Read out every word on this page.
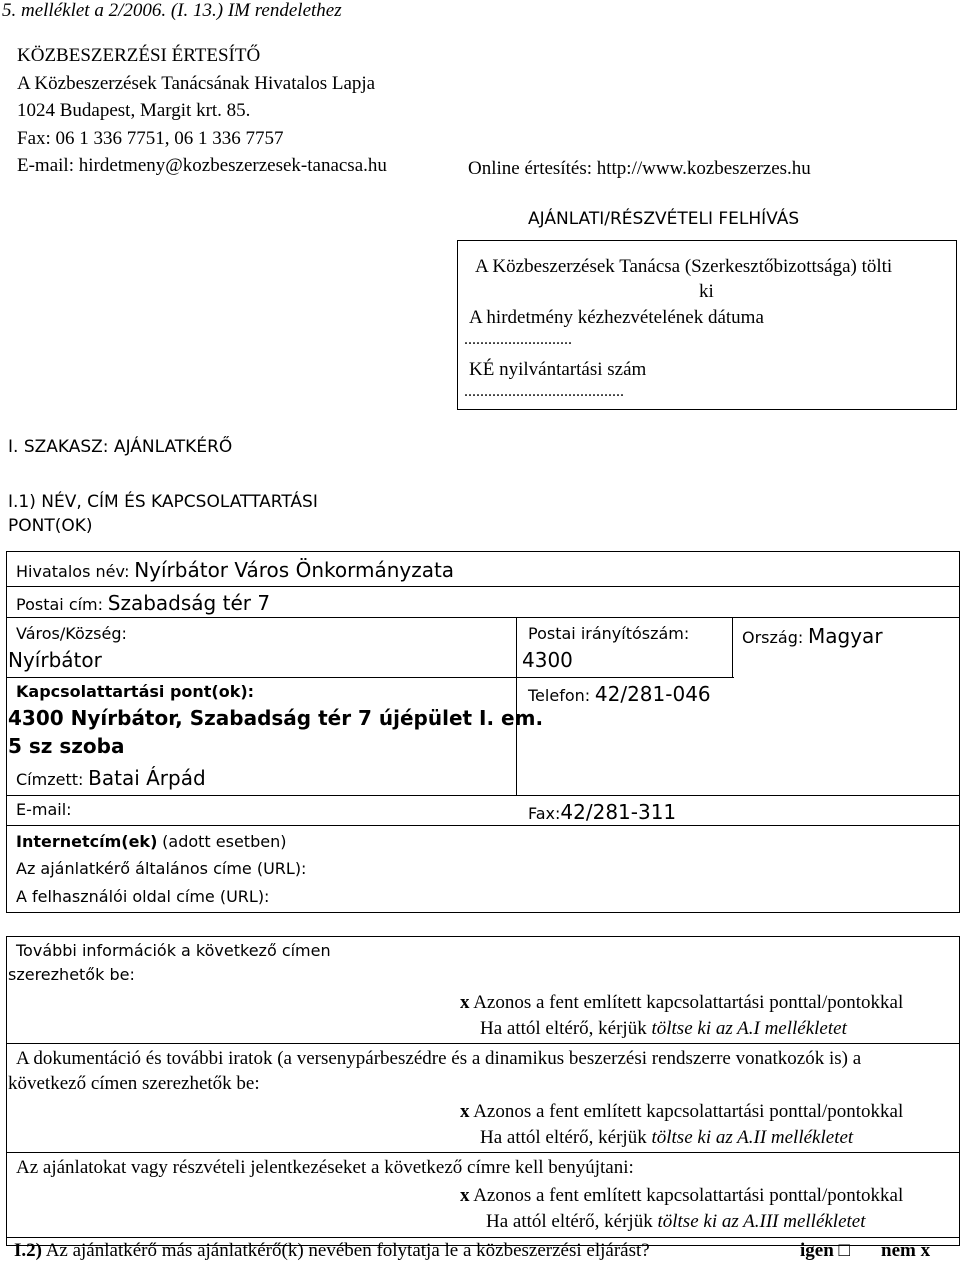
5. melléklet a 2/2006. (I. 13.) IM rendelethez
KÖZBESZERZÉSI ÉRTESÍTŐ
A Közbeszerzések Tanácsának Hivatalos Lapja
1024 Budapest, Margit krt. 85.
Fax: 06 1 336 7751, 06 1 336 7757
E-mail: hirdetmeny@kozbeszerzesek-tanacsa.hu	Online értesítés: http://www.kozbeszerzes.hu
AJÁNLATI/RÉSZVÉTELI FELHÍVÁS
A Közbeszerzések Tanácsa (Szerkesztőbizottsága) tölti
ki
A hirdetmény kézhezvételének dátuma
...........................
KÉ nyilvántartási szám
........................................
I. SZAKASZ: AJÁNLATKÉRŐ
I.1) NÉV, CÍM ÉS KAPCSOLATTARTÁSI
PONT(OK)
Hivatalos név: Nyírbátor Város Önkormányzata
Postai cím: Szabadság tér 7
Város/Község:
Nyírbátor
Postai irányítószám:
4300
Ország: Magyar
Kapcsolattartási pont(ok):
4300 Nyírbátor, Szabadság tér 7 újépület I. em.
5 sz szoba
Telefon: 42/281-046
Címzett: Batai Árpád
E-mail:	Fax:42/281-311
Internetcím(ek) (adott esetben)
Az ajánlatkérő általános címe (URL):
A felhasználói oldal címe (URL):
További információk a következő címen
szerezhetők be:
x Azonos a fent említett kapcsolattartási ponttal/pontokkal
Ha attól eltérő, kérjük töltse ki az A.I mellékletet
A dokumentáció és további iratok (a versenypárbeszédre és a dinamikus beszerzési rendszerre vonatkozók is) a
következő címen szerezhetők be:
x Azonos a fent említett kapcsolattartási ponttal/pontokkal
Ha attól eltérő, kérjük töltse ki az A.II mellékletet
Az ajánlatokat vagy részvételi jelentkezéseket a következő címre kell benyújtani:
x Azonos a fent említett kapcsolattartási ponttal/pontokkal
Ha attól eltérő, kérjük töltse ki az A.III mellékletet
I.2) Az ajánlatkérő más ajánlatkérő(k) nevében folytatja le a közbeszerzési eljárást?	igen □ nem x
